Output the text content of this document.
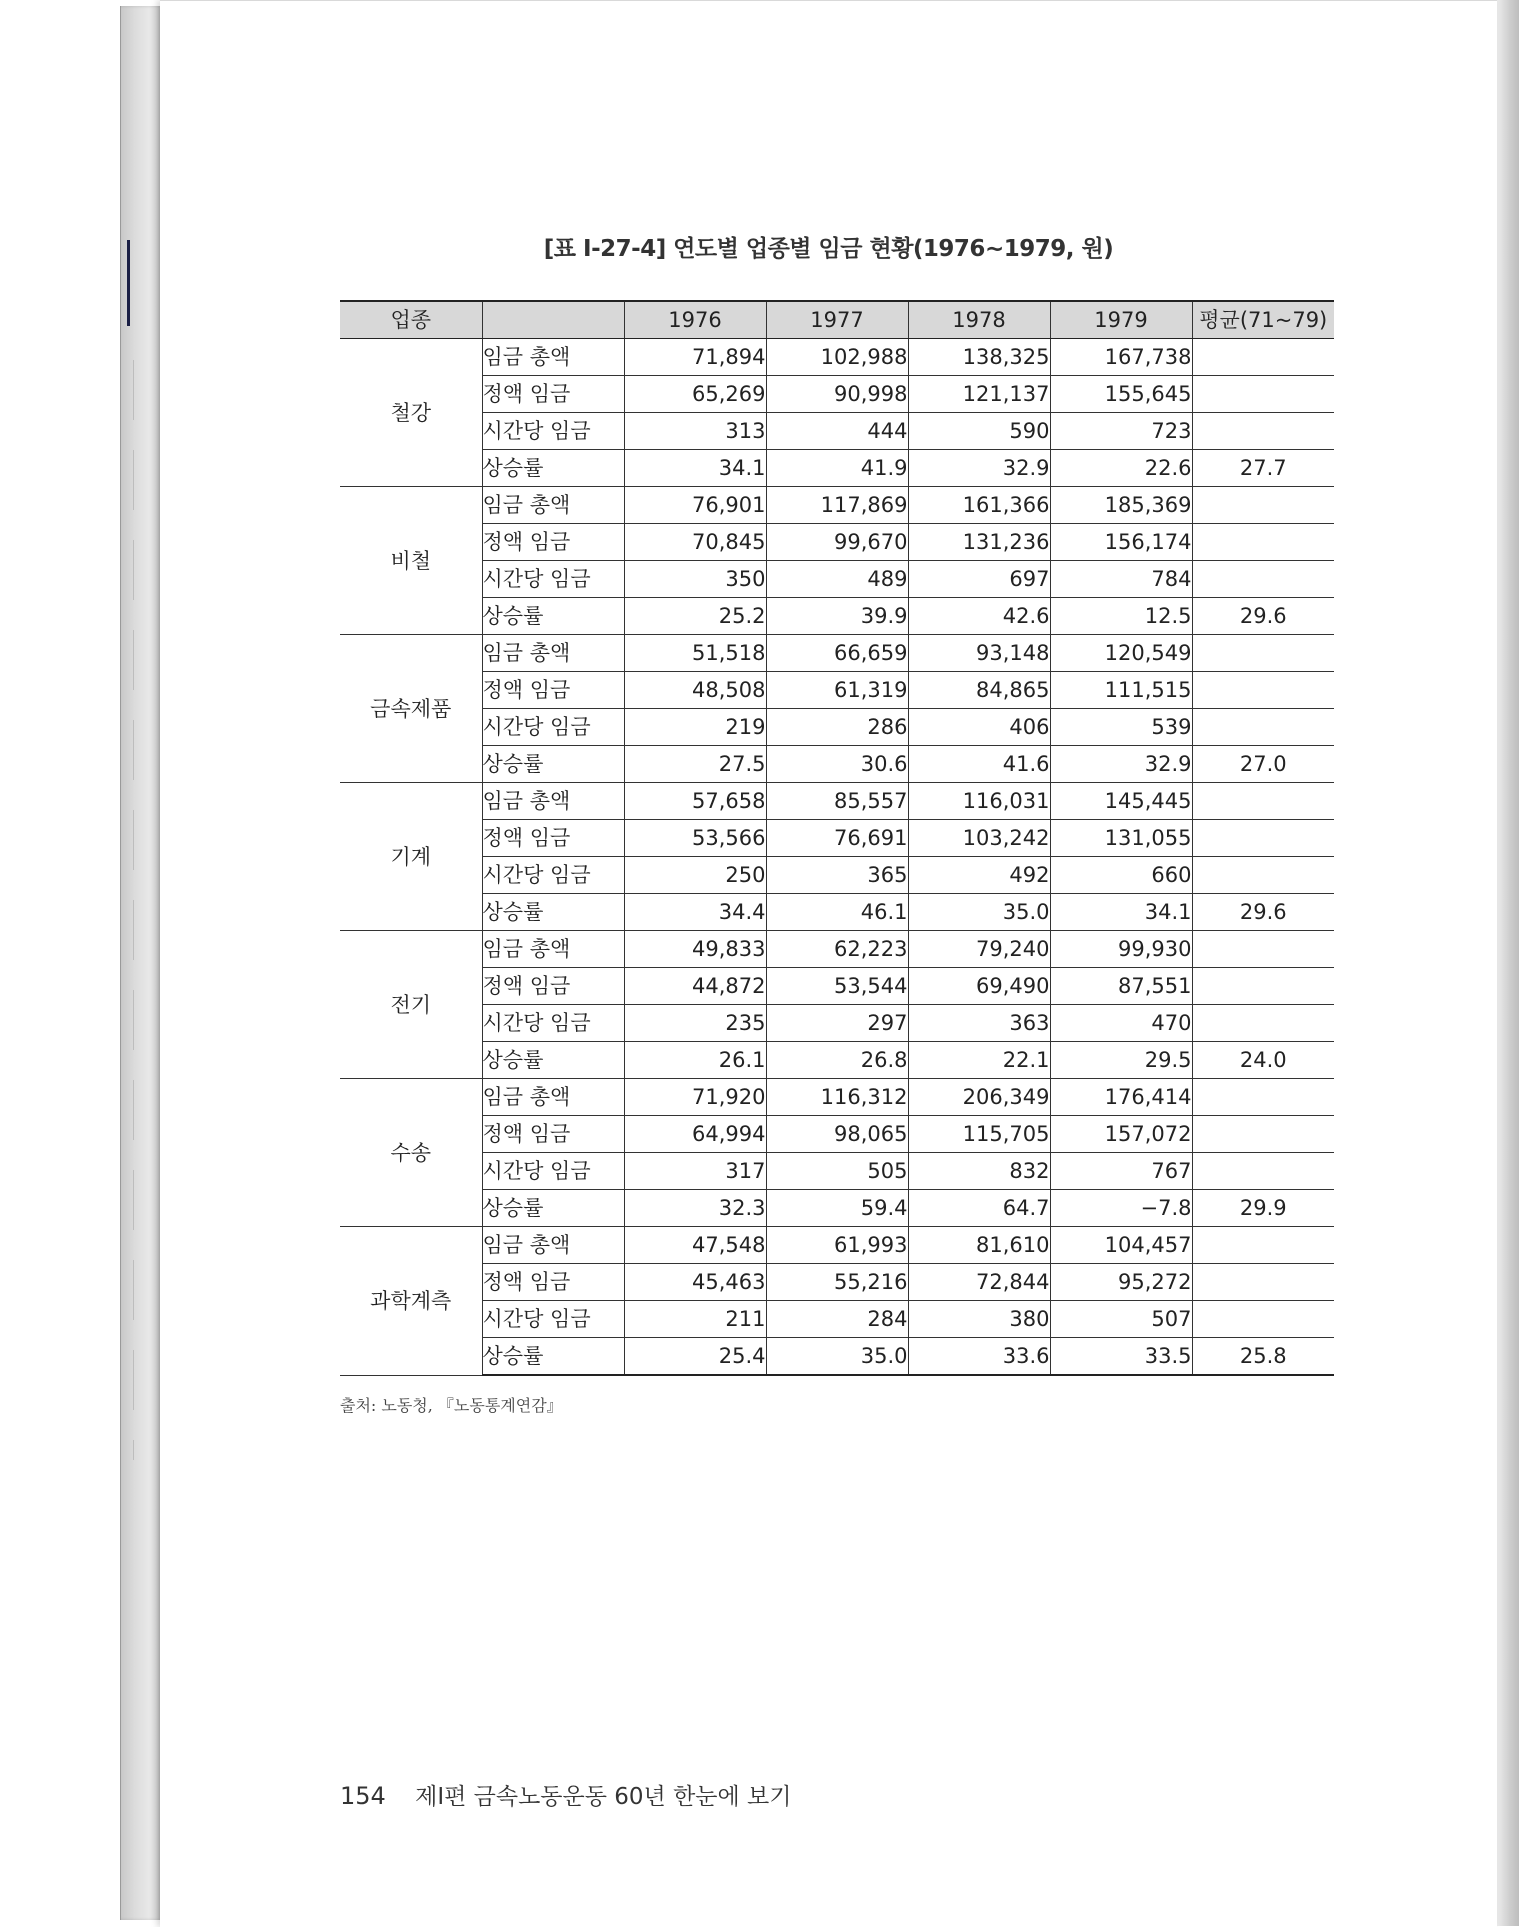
[표 Ⅰ-27-4] 연도별 업종별 임금 현황(1976~1979, 원)
업종		1976	1977	1978	1979	평균(71~79)
철강	임금 총액	71,894	102,988	138,325	167,738	
	정액 임금	65,269	90,998	121,137	155,645	
	시간당 임금	313	444	590	723	
	상승률	34.1	41.9	32.9	22.6	27.7
비철	임금 총액	76,901	117,869	161,366	185,369	
	정액 임금	70,845	99,670	131,236	156,174	
	시간당 임금	350	489	697	784	
	상승률	25.2	39.9	42.6	12.5	29.6
금속제품	임금 총액	51,518	66,659	93,148	120,549	
	정액 임금	48,508	61,319	84,865	111,515	
	시간당 임금	219	286	406	539	
	상승률	27.5	30.6	41.6	32.9	27.0
기계	임금 총액	57,658	85,557	116,031	145,445	
	정액 임금	53,566	76,691	103,242	131,055	
	시간당 임금	250	365	492	660	
	상승률	34.4	46.1	35.0	34.1	29.6
전기	임금 총액	49,833	62,223	79,240	99,930	
	정액 임금	44,872	53,544	69,490	87,551	
	시간당 임금	235	297	363	470	
	상승률	26.1	26.8	22.1	29.5	24.0
수송	임금 총액	71,920	116,312	206,349	176,414	
	정액 임금	64,994	98,065	115,705	157,072	
	시간당 임금	317	505	832	767	
	상승률	32.3	59.4	64.7	−7.8	29.9
과학계측	임금 총액	47,548	61,993	81,610	104,457	
	정액 임금	45,463	55,216	72,844	95,272	
	시간당 임금	211	284	380	507	
	상승률	25.4	35.0	33.6	33.5	25.8
출처: 노동청, 『노동통계연감』
154 제Ⅰ편 금속노동운동 60년 한눈에 보기
